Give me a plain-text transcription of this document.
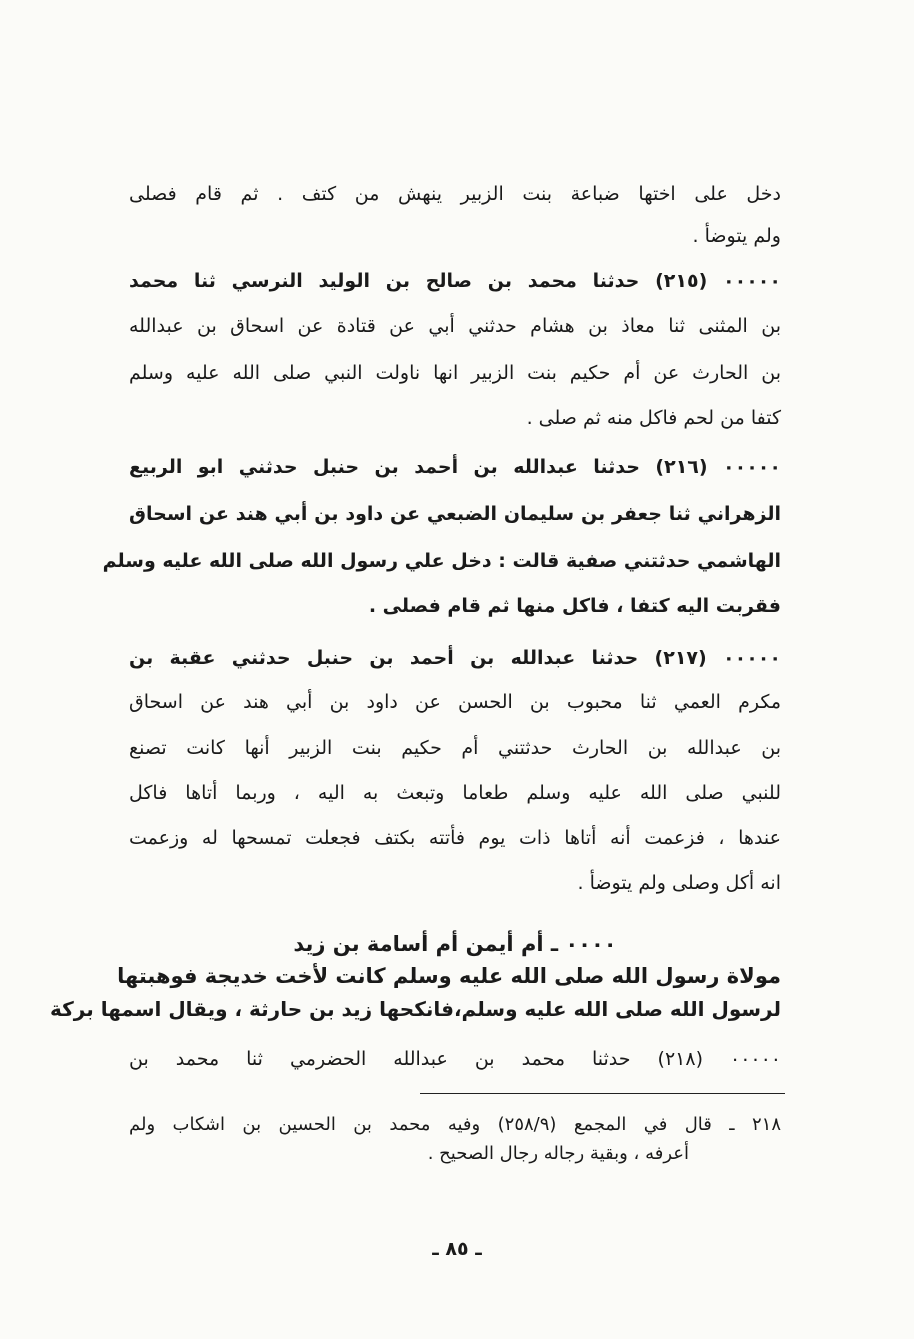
دخل على اختها ضباعة بنت الزبير ينهش من كتف . ثم قام فصلى
ولم يتوضأ .
٠٠٠٠٠ (٢١٥) حدثنا محمد بن صالح بن الوليد النرسي ثنا محمد
بن المثنى ثنا معاذ بن هشام حدثني أبي عن قتادة عن اسحاق بن عبدالله
بن الحارث عن أم حكيم بنت الزبير انها ناولت النبي صلى الله عليه وسلم
كتفا من لحم فاكل منه ثم صلى .
٠٠٠٠٠ (٢١٦) حدثنا عبدالله بن أحمد بن حنبل حدثني ابو الربيع
الزهراني ثنا جعفر بن سليمان الضبعي عن داود بن أبي هند عن اسحاق
الهاشمي حدثتني صفية قالت : دخل علي رسول الله صلى الله عليه وسلم
فقربت اليه كتفا ، فاكل منها ثم قام فصلى .
٠٠٠٠٠ (٢١٧) حدثنا عبدالله بن أحمد بن حنبل حدثني عقبة بن
مكرم العمي ثنا محبوب بن الحسن عن داود بن أبي هند عن اسحاق
بن عبدالله بن الحارث حدثتني أم حكيم بنت الزبير أنها كانت تصنع
للنبي صلى الله عليه وسلم طعاما وتبعث به اليه ، وربما أتاها فاكل
عندها ، فزعمت أنه أتاها ذات يوم فأتته بكتف فجعلت تمسحها له وزعمت
انه أكل وصلى ولم يتوضأ .
٠٠٠٠ ـ أم أيمن أم أسامة بن زيد
مولاة رسول الله صلى الله عليه وسلم كانت لأخت خديجة فوهبتها
لرسول الله صلى الله عليه وسلم،فانكحها زيد بن حارثة ، ويقال اسمها بركة
٠٠٠٠٠ (٢١٨) حدثنا محمد بن عبدالله الحضرمي ثنا محمد بن
٢١٨ ـ قال في المجمع (٢٥٨/٩) وفيه محمد بن الحسين بن اشكاب ولم
أعرفه ، وبقية رجاله رجال الصحيح .
ـ ٨٥ ـ
